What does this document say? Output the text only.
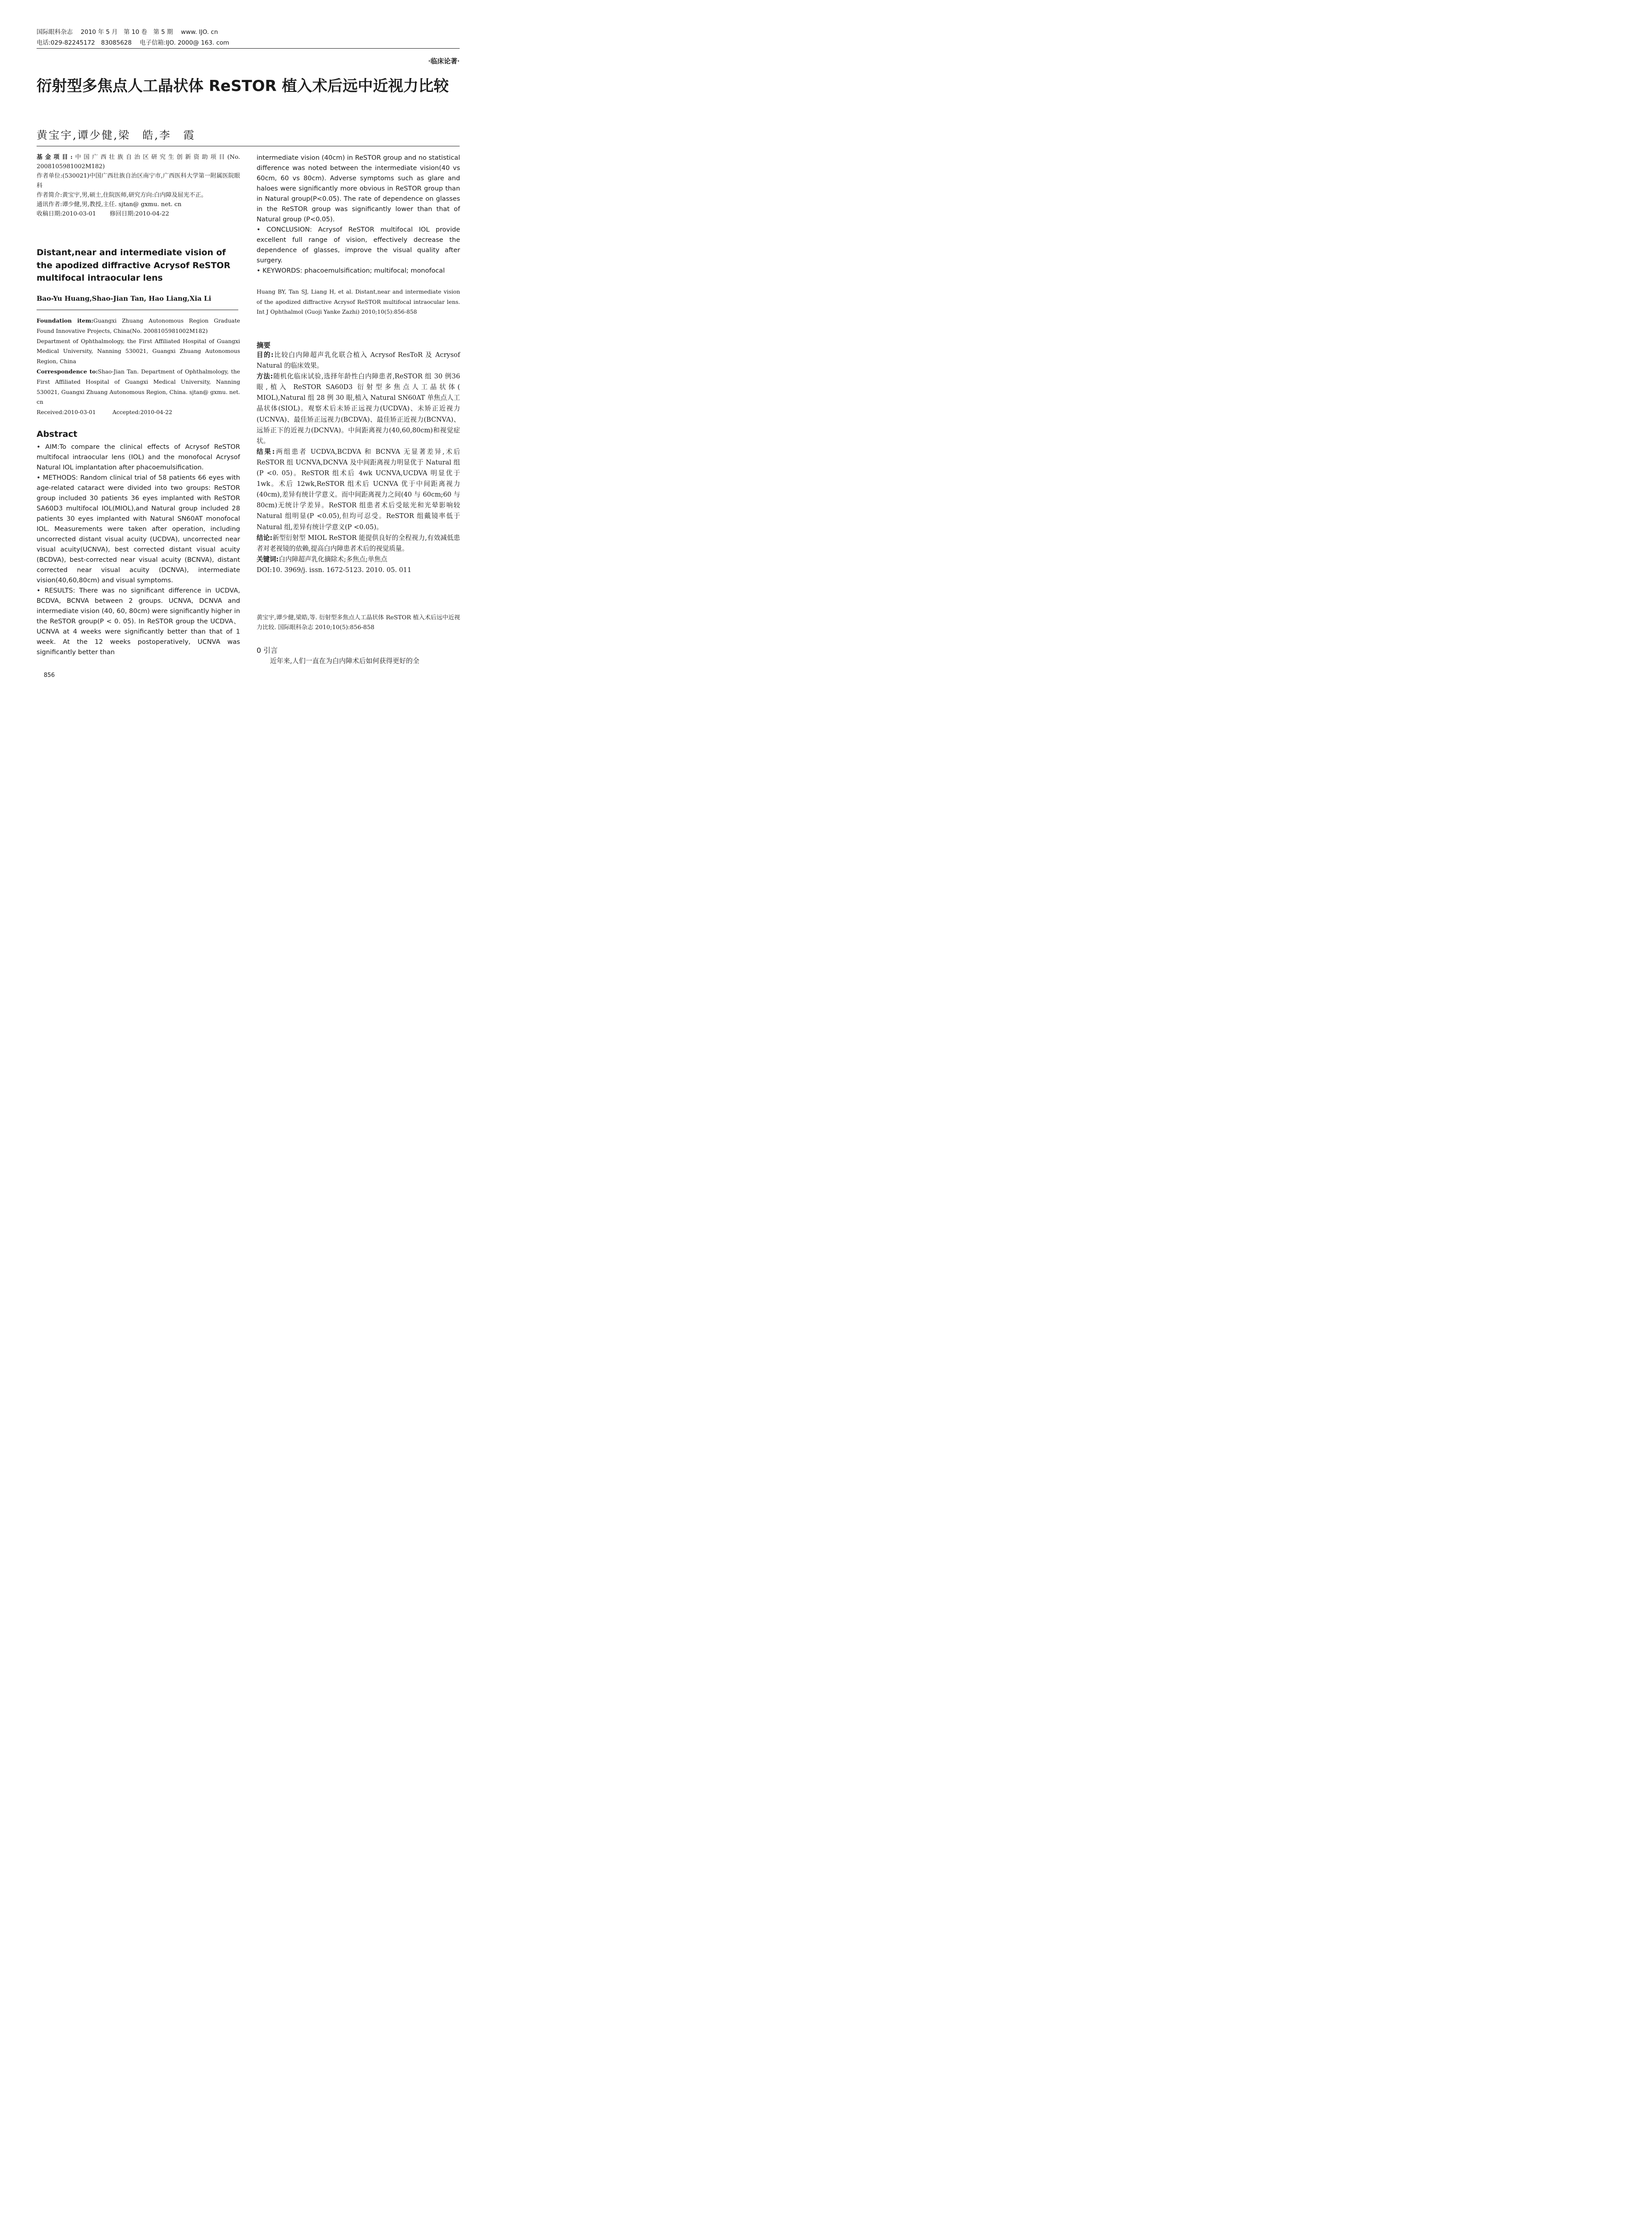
国际眼科杂志　 2010 年 5 月　第 10 卷　第 5 期　 www. IJO. cn
电话:029-82245172　83085628　 电子信箱:IJO. 2000@ 163. com
·临床论著·
衍射型多焦点人工晶状体 ReSTOR 植入术后远中近视力比较
黄宝宇,谭少健,梁　皓,李　霞

基金项目:中国广西壮族自治区研究生创新资助项目(No. 2008105981002M182)

作者单位:(530021)中国广西壮族自治区南宁市,广西医科大学第一附属医院眼科

作者简介:黄宝宇,男,硕士,住院医师,研究方向:白内障及屈光不正。

通讯作者:谭少健,男,教授,主任. sjtan@ gxmu. net. cn

收稿日期:2010-03-01　　 修回日期:2010-04-22

Distant,near and intermediate vision of the apodized diffractive Acrysof ReSTOR multifocal intraocular lens
Bao-Yu Huang,Shao-Jian Tan, Hao Liang,Xia Li

Foundation item:Guangxi Zhuang Autonomous Region Graduate Found Innovative Projects, China(No. 2008105981002M182)

Department of Ophthalmology, the First Affiliated Hospital of Guangxi Medical University, Nanning 530021, Guangxi Zhuang Autonomous Region, China

Correspondence to:Shao-Jian Tan. Department of Ophthalmology, the First Affiliated Hospital of Guangxi Medical University, Nanning 530021, Guangxi Zhuang Autonomous Region, China. sjtan@ gxmu. net. cn

Received:2010-03-01　　　Accepted:2010-04-22

Abstract

• AIM:To compare the clinical effects of Acrysof ReSTOR multifocal intraocular lens (IOL) and the monofocal Acrysof Natural IOL implantation after phacoemulsification.

• METHODS: Random clinical trial of 58 patients 66 eyes with age-related cataract were divided into two groups: ReSTOR group included 30 patients 36 eyes implanted with ReSTOR SA60D3 multifocal IOL(MIOL),and Natural group included 28 patients 30 eyes implanted with Natural SN60AT monofocal IOL. Measurements were taken after operation, including uncorrected distant visual acuity (UCDVA), uncorrected near visual acuity(UCNVA), best corrected distant visual acuity (BCDVA), best-corrected near visual acuity (BCNVA), distant corrected near visual acuity (DCNVA), intermediate vision(40,60,80cm) and visual symptoms.

• RESULTS: There was no significant difference in UCDVA, BCDVA, BCNVA between 2 groups. UCNVA, DCNVA and intermediate vision (40, 60, 80cm) were significantly higher in the ReSTOR group(P < 0. 05). In ReSTOR group the UCDVA、UCNVA at 4 weeks were significantly better than that of 1 week. At the 12 weeks postoperatively, UCNVA was significantly better than

856

intermediate vision (40cm) in ReSTOR group and no statistical difference was noted between the intermediate vision(40 vs 60cm, 60 vs 80cm). Adverse symptoms such as glare and haloes were significantly more obvious in ReSTOR group than in Natural group(P<0.05). The rate of dependence on glasses in the ReSTOR group was significantly lower than that of Natural group (P<0.05).

• CONCLUSION: Acrysof ReSTOR multifocal IOL provide excellent full range of vision, effectively decrease the dependence of glasses, improve the visual quality after surgery.

• KEYWORDS: phacoemulsification; multifocal; monofocal

Huang BY, Tan SJ, Liang H, et al. Distant,near and intermediate vision of the apodized diffractive Acrysof ReSTOR multifocal intraocular lens. Int J Ophthalmol (Guoji Yanke Zazhi) 2010;10(5):856-858
摘要

目的:比较白内障超声乳化联合植入 Acrysof ResToR 及 Acrysof Natural 的临床效果。

方法:随机化临床试验,选择年龄性白内障患者,ReSTOR 组 30 例36 眼,植入 ReSTOR SA60D3 衍射型多焦点人工晶状体( MIOL),Natural 组 28 例 30 眼,植入 Natural SN60AT 单焦点人工晶状体(SIOL)。观察术后未矫正远视力(UCDVA)、未矫正近视力(UCNVA)、最佳矫正远视力(BCDVA)、最佳矫正近视力(BCNVA)、远矫正下的近视力(DCNVA)。中间距离视力(40,60,80cm)和视觉症状。

结果:两组患者 UCDVA,BCDVA 和 BCNVA 无显著差异,术后 ReSTOR 组 UCNVA,DCNVA 及中间距离视力明显优于 Natural 组(P <0. 05)。ReSTOR 组术后 4wk UCNVA,UCDVA 明显优于 1wk。术后 12wk,ReSTOR 组术后 UCNVA 优于中间距离视力(40cm),差异有统计学意义。而中间距离视力之间(40 与 60cm;60 与 80cm)无统计学差异。ReSTOR 组患者术后受眩光和光晕影响较 Natural 组明显(P <0.05),但均可忍受。ReSTOR 组戴镜率低于 Natural 组,差异有统计学意义(P <0.05)。

结论:新型衍射型 MIOL ReSTOR 能提供良好的全程视力,有效减低患者对老视镜的依赖,提高白内障患者术后的视觉质量。

关键词:白内障超声乳化摘除术;多焦点;单焦点

DOI:10. 3969/j. issn. 1672-5123. 2010. 05. 011

黄宝宇,谭少健,梁皓,等. 衍射型多焦点人工晶状体 ReSTOR 植入术后远中近视力比较. 国际眼科杂志 2010;10(5):856-858
0 引言
近年来,人们一直在为白内障术后如何获得更好的全
